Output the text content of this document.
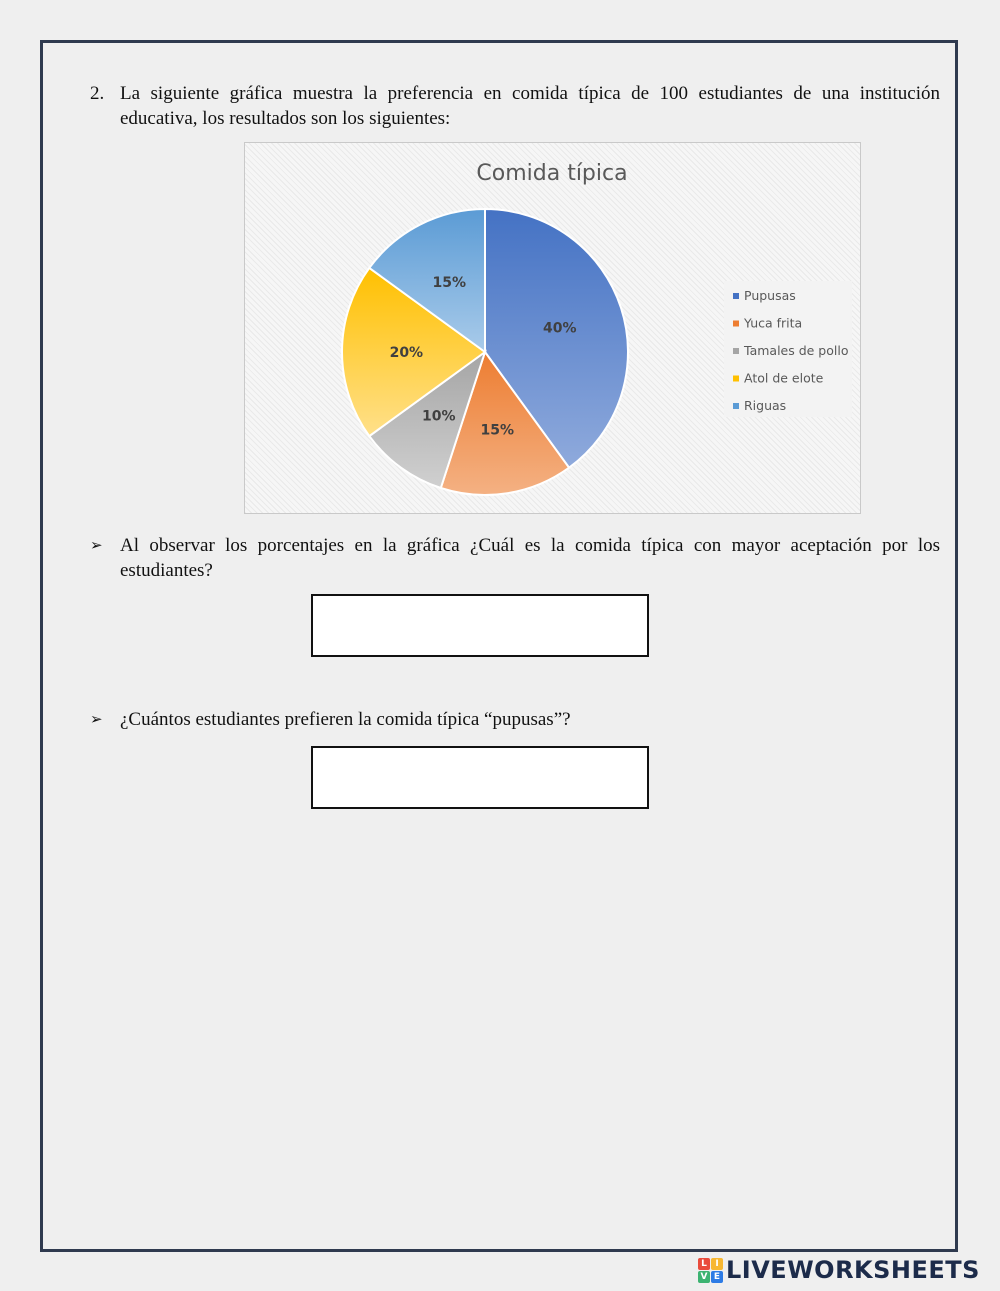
2. La siguiente gráfica muestra la preferencia en comida típica de 100 estudiantes de una institución educativa, los resultados son los siguientes:
Comida típica
40%
15%
10%
20%
15%
Pupusas
Yuca frita
Tamales de pollo
Atol de elote
Riguas
➢ Al observar los porcentajes en la gráfica ¿Cuál es la comida típica con mayor aceptación por los estudiantes?
➢ ¿Cuántos estudiantes prefieren la comida típica “pupusas”?
L I
V E LIVEWORKSHEETS
